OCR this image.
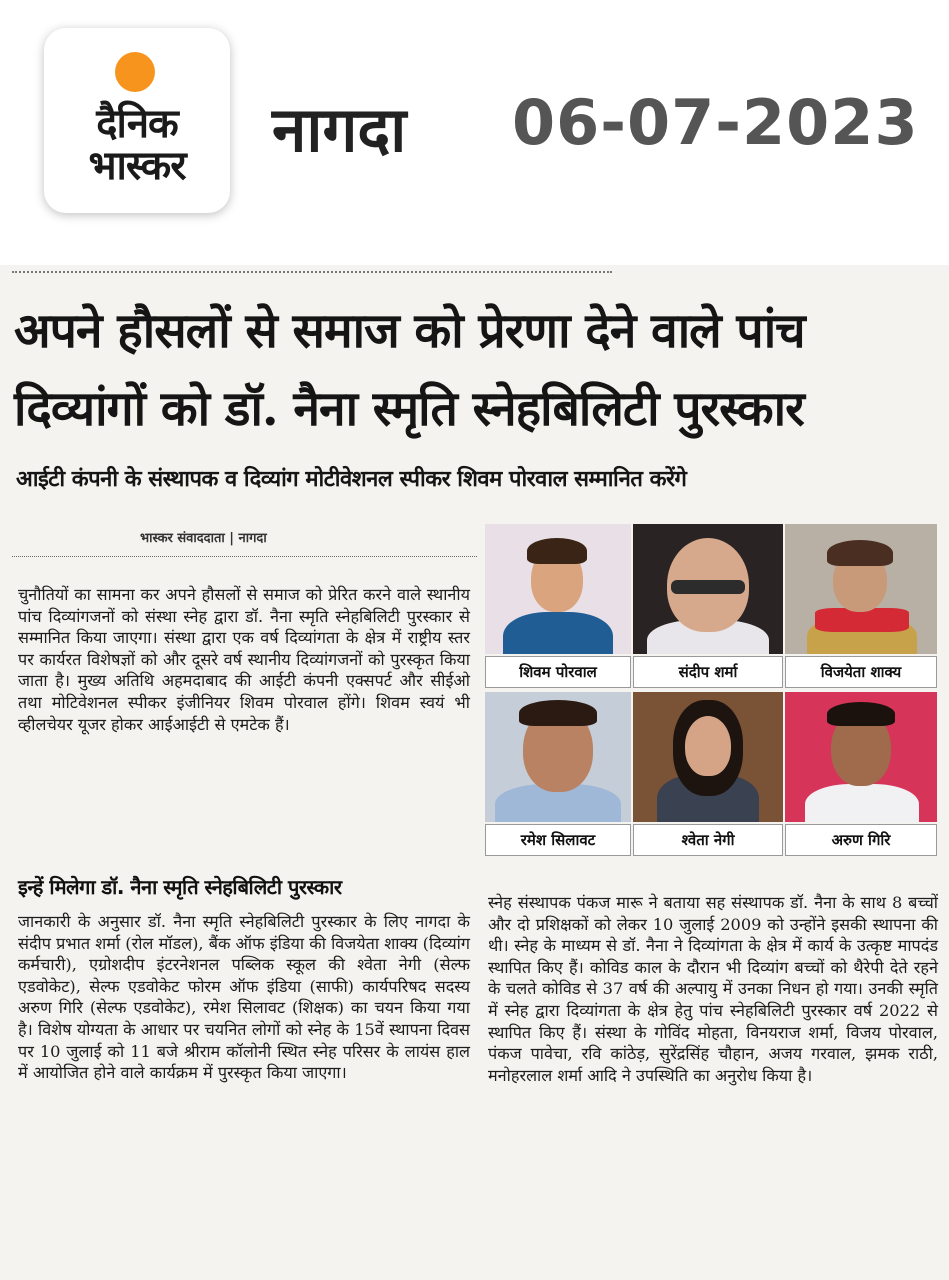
दैनिक
भास्कर	नागदा 06-07-2023
अपने हौसलों से समाज को प्रेरणा देने वाले पांच
दिव्यांगों को डॉ. नैना स्मृति स्नेहबिलिटी पुरस्कार
आईटी कंपनी के संस्थापक व दिव्यांग मोटीवेशनल स्पीकर शिवम पोरवाल सम्मानित करेंगे
भास्कर संवाददाता | नागदा
चुनौतियों का सामना कर अपने हौसलों से समाज को प्रेरित करने वाले स्थानीय पांच दिव्यांगजनों को संस्था स्नेह द्वारा डॉ. नैना स्मृति स्नेहबिलिटी पुरस्कार से सम्मानित किया जाएगा। संस्था द्वारा एक वर्ष दिव्यांगता के क्षेत्र में राष्ट्रीय स्तर पर कार्यरत विशेषज्ञों को और दूसरे वर्ष स्थानीय दिव्यांगजनों को पुरस्कृत किया जाता है। मुख्य अतिथि अहमदाबाद की आईटी कंपनी एक्सपर्ट और सीईओ तथा मोटिवेशनल स्पीकर इंजीनियर शिवम पोरवाल होंगे। शिवम स्वयं भी व्हीलचेयर यूजर होकर आईआईटी से एमटेक हैं।
इन्हें मिलेगा डॉ. नैना स्मृति स्नेहबिलिटी पुरस्कार
जानकारी के अनुसार डॉ. नैना स्मृति स्नेहबिलिटी पुरस्कार के लिए नागदा के संदीप प्रभात शर्मा (रोल मॉडल), बैंक ऑफ इंडिया की विजयेता शाक्य (दिव्यांग कर्मचारी), एग्रोशदीप इंटरनेशनल पब्लिक स्कूल की श्वेता नेगी (सेल्फ एडवोकेट), सेल्फ एडवोकेट फोरम ऑफ इंडिया (साफी) कार्यपरिषद सदस्य अरुण गिरि (सेल्फ एडवोकेट), रमेश सिलावट (शिक्षक) का चयन किया गया है। विशेष योग्यता के आधार पर चयनित लोगों को स्नेह के 15वें स्थापना दिवस पर 10 जुलाई को 11 बजे श्रीराम कॉलोनी स्थित स्नेह परिसर के लायंस हाल में आयोजित होने वाले कार्यक्रम में पुरस्कृत किया जाएगा।
स्नेह संस्थापक पंकज मारू ने बताया सह संस्थापक डॉ. नैना के साथ 8 बच्चों और दो प्रशिक्षकों को लेकर 10 जुलाई 2009 को उन्होंने इसकी स्थापना की थी। स्नेह के माध्यम से डॉ. नैना ने दिव्यांगता के क्षेत्र में कार्य के उत्कृष्ट मापदंड स्थापित किए हैं। कोविड काल के दौरान भी दिव्यांग बच्चों को थैरेपी देते रहने के चलते कोविड से 37 वर्ष की अल्पायु में उनका निधन हो गया। उनकी स्मृति में स्नेह द्वारा दिव्यांगता के क्षेत्र हेतु पांच स्नेहबिलिटी पुरस्कार वर्ष 2022 से स्थापित किए हैं। संस्था के गोविंद मोहता, विनयराज शर्मा, विजय पोरवाल, पंकज पावेचा, रवि कांठेड़, सुरेंद्रसिंह चौहान, अजय गरवाल, झमक राठी, मनोहरलाल शर्मा आदि ने उपस्थिति का अनुरोध किया है।
शिवम पोरवाल	संदीप शर्मा	विजयेता शाक्य
रमेश सिलावट	श्वेता नेगी	अरुण गिरि
